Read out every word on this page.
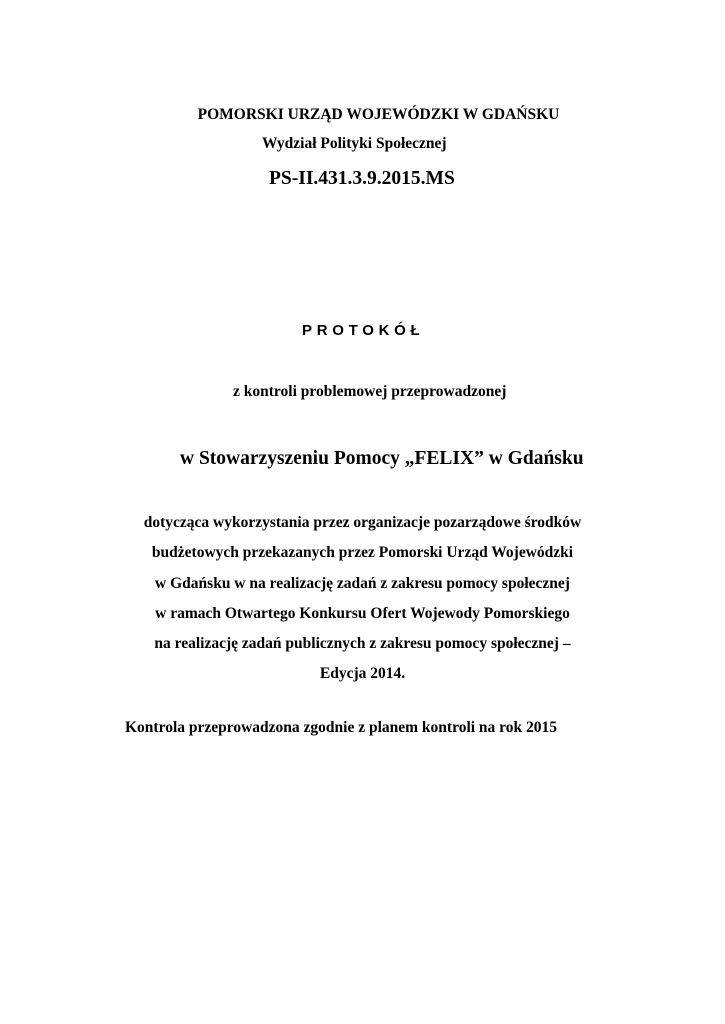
POMORSKI URZĄD WOJEWÓDZKI W GDAŃSKU
Wydział Polityki Społecznej
PS-II.431.3.9.2015.MS
PROTOKÓŁ
z kontroli problemowej przeprowadzonej
w Stowarzyszeniu Pomocy „FELIX” w Gdańsku
dotycząca wykorzystania przez organizacje pozarządowe środków
budżetowych przekazanych przez Pomorski Urząd Wojewódzki
w Gdańsku w na realizację zadań z zakresu pomocy społecznej
w ramach Otwartego Konkursu Ofert Wojewody Pomorskiego
na realizację zadań publicznych z zakresu pomocy społecznej –
Edycja 2014.
Kontrola przeprowadzona zgodnie z planem kontroli na rok 2015
